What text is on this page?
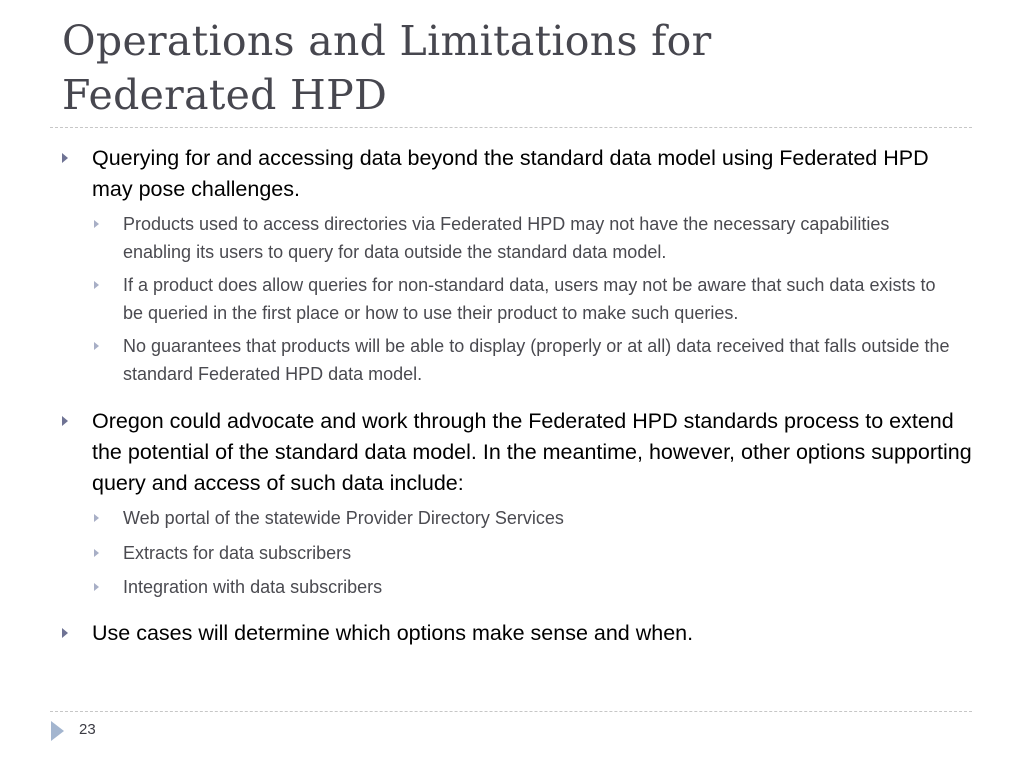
Operations and Limitations for
Federated HPD
Querying for and accessing data beyond the standard data model using Federated HPD may pose challenges.
Products used to access directories via Federated HPD may not have the necessary capabilities enabling its users to query for data outside the standard data model.
If a product does allow queries for non-standard data, users may not be aware that such data exists to be queried in the first place or how to use their product to make such queries.
No guarantees that products will be able to display (properly or at all) data received that falls outside the standard Federated HPD data model.
Oregon could advocate and work through the Federated HPD standards process to extend the potential of the standard data model. In the meantime, however, other options supporting query and access of such data include:
Web portal of the statewide Provider Directory Services
Extracts for data subscribers
Integration with data subscribers
Use cases will determine which options make sense and when.
23
